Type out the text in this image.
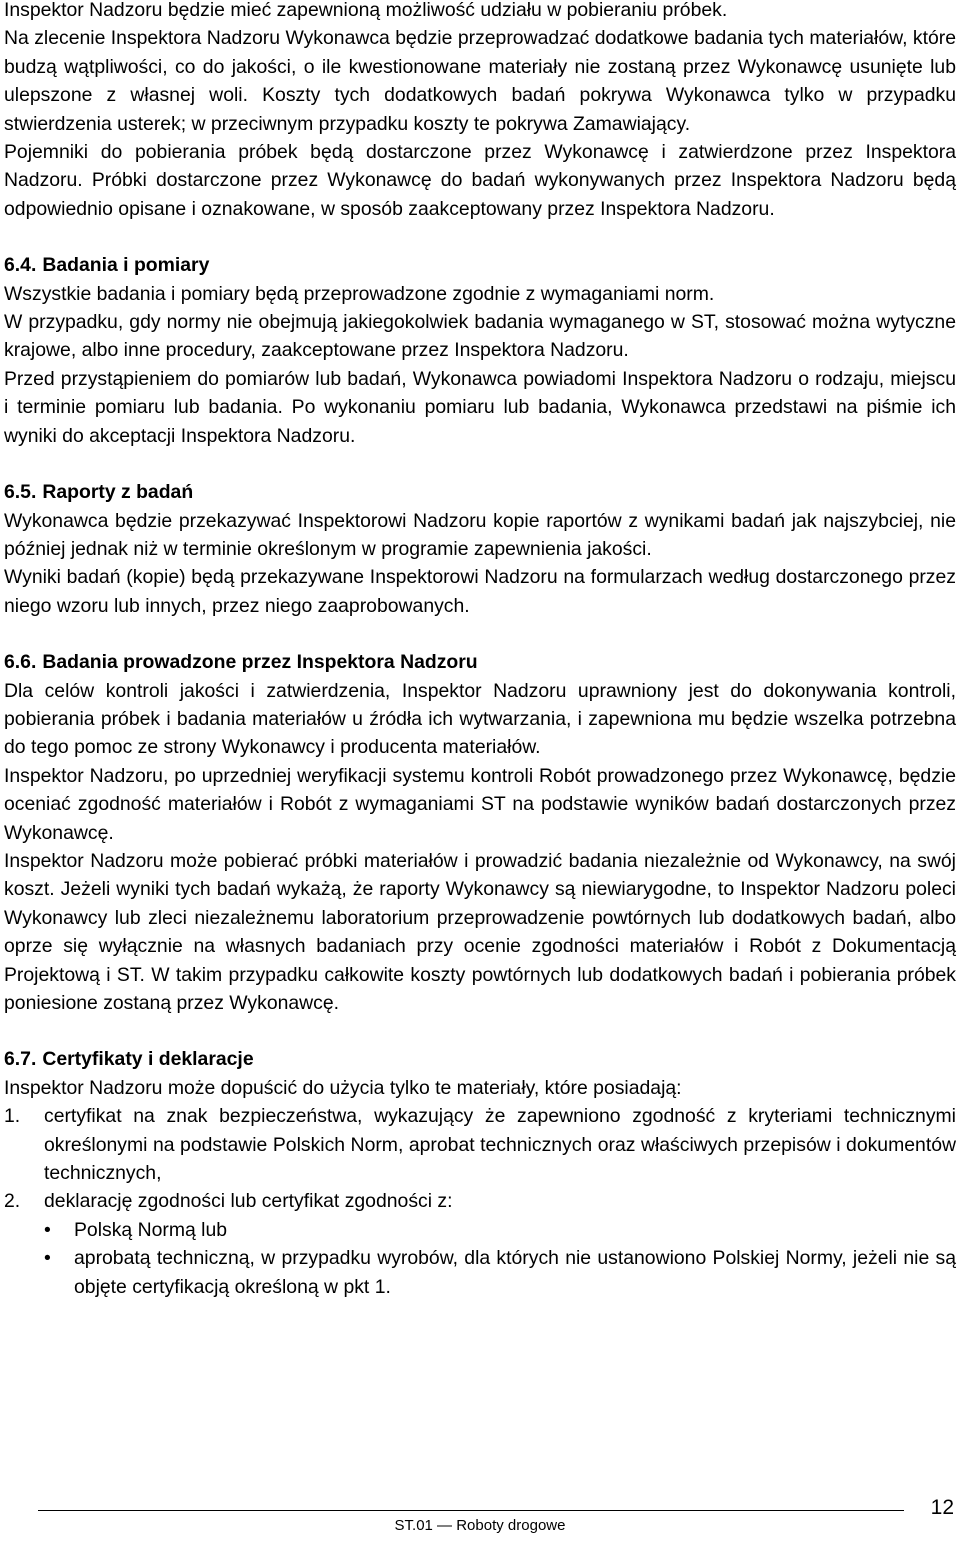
Inspektor Nadzoru będzie mieć zapewnioną możliwość udziału w pobieraniu próbek.

Na zlecenie Inspektora Nadzoru Wykonawca będzie przeprowadzać dodatkowe badania tych materiałów, które budzą wątpliwości, co do jakości, o ile kwestionowane materiały nie zostaną przez Wykonawcę usunięte lub ulepszone z własnej woli. Koszty tych dodatkowych badań pokrywa Wykonawca tylko w przypadku stwierdzenia usterek; w przeciwnym przypadku koszty te pokrywa Zamawiający.

Pojemniki do pobierania próbek będą dostarczone przez Wykonawcę i zatwierdzone przez Inspektora Nadzoru. Próbki dostarczone przez Wykonawcę do badań wykonywanych przez Inspektora Nadzoru będą odpowiednio opisane i oznakowane, w sposób zaakceptowany przez Inspektora Nadzoru.

6.4. Badania i pomiary

Wszystkie badania i pomiary będą przeprowadzone zgodnie z wymaganiami norm.

W przypadku, gdy normy nie obejmują jakiegokolwiek badania wymaganego w ST, stosować można wytyczne krajowe, albo inne procedury, zaakceptowane przez Inspektora Nadzoru.

Przed przystąpieniem do pomiarów lub badań, Wykonawca powiadomi Inspektora Nadzoru o rodzaju, miejscu i terminie pomiaru lub badania. Po wykonaniu pomiaru lub badania, Wykonawca przedstawi na piśmie ich wyniki do akceptacji Inspektora Nadzoru.

6.5. Raporty z badań

Wykonawca będzie przekazywać Inspektorowi Nadzoru kopie raportów z wynikami badań jak najszybciej, nie później jednak niż w terminie określonym w programie zapewnienia jakości.

Wyniki badań (kopie) będą przekazywane Inspektorowi Nadzoru na formularzach według dostarczonego przez niego wzoru lub innych, przez niego zaaprobowanych.

6.6. Badania prowadzone przez Inspektora Nadzoru

Dla celów kontroli jakości i zatwierdzenia, Inspektor Nadzoru uprawniony jest do dokonywania kontroli, pobierania próbek i badania materiałów u źródła ich wytwarzania, i zapewniona mu będzie wszelka potrzebna do tego pomoc ze strony Wykonawcy i producenta materiałów.

Inspektor Nadzoru, po uprzedniej weryfikacji systemu kontroli Robót prowadzonego przez Wykonawcę, będzie oceniać zgodność materiałów i Robót z wymaganiami ST na podstawie wyników badań dostarczonych przez Wykonawcę.

Inspektor Nadzoru może pobierać próbki materiałów i prowadzić badania niezależnie od Wykonawcy, na swój koszt. Jeżeli wyniki tych badań wykażą, że raporty Wykonawcy są niewiarygodne, to Inspektor Nadzoru poleci Wykonawcy lub zleci niezależnemu laboratorium przeprowadzenie powtórnych lub dodatkowych badań, albo oprze się wyłącznie na własnych badaniach przy ocenie zgodności materiałów i Robót z Dokumentacją Projektową i ST. W takim przypadku całkowite koszty powtórnych lub dodatkowych badań i pobierania próbek poniesione zostaną przez Wykonawcę.

6.7. Certyfikaty i deklaracje

Inspektor Nadzoru może dopuścić do użycia tylko te materiały, które posiadają:

1. certyfikat na znak bezpieczeństwa, wykazujący że zapewniono zgodność z kryteriami technicznymi określonymi na podstawie Polskich Norm, aprobat technicznych oraz właściwych przepisów i dokumentów technicznych,
2. deklarację zgodności lub certyfikat zgodności z:
• Polską Normą lub
• aprobatą techniczną, w przypadku wyrobów, dla których nie ustanowiono Polskiej Normy, jeżeli nie są objęte certyfikacją określoną w pkt 1.
12
ST.01 — Roboty drogowe
